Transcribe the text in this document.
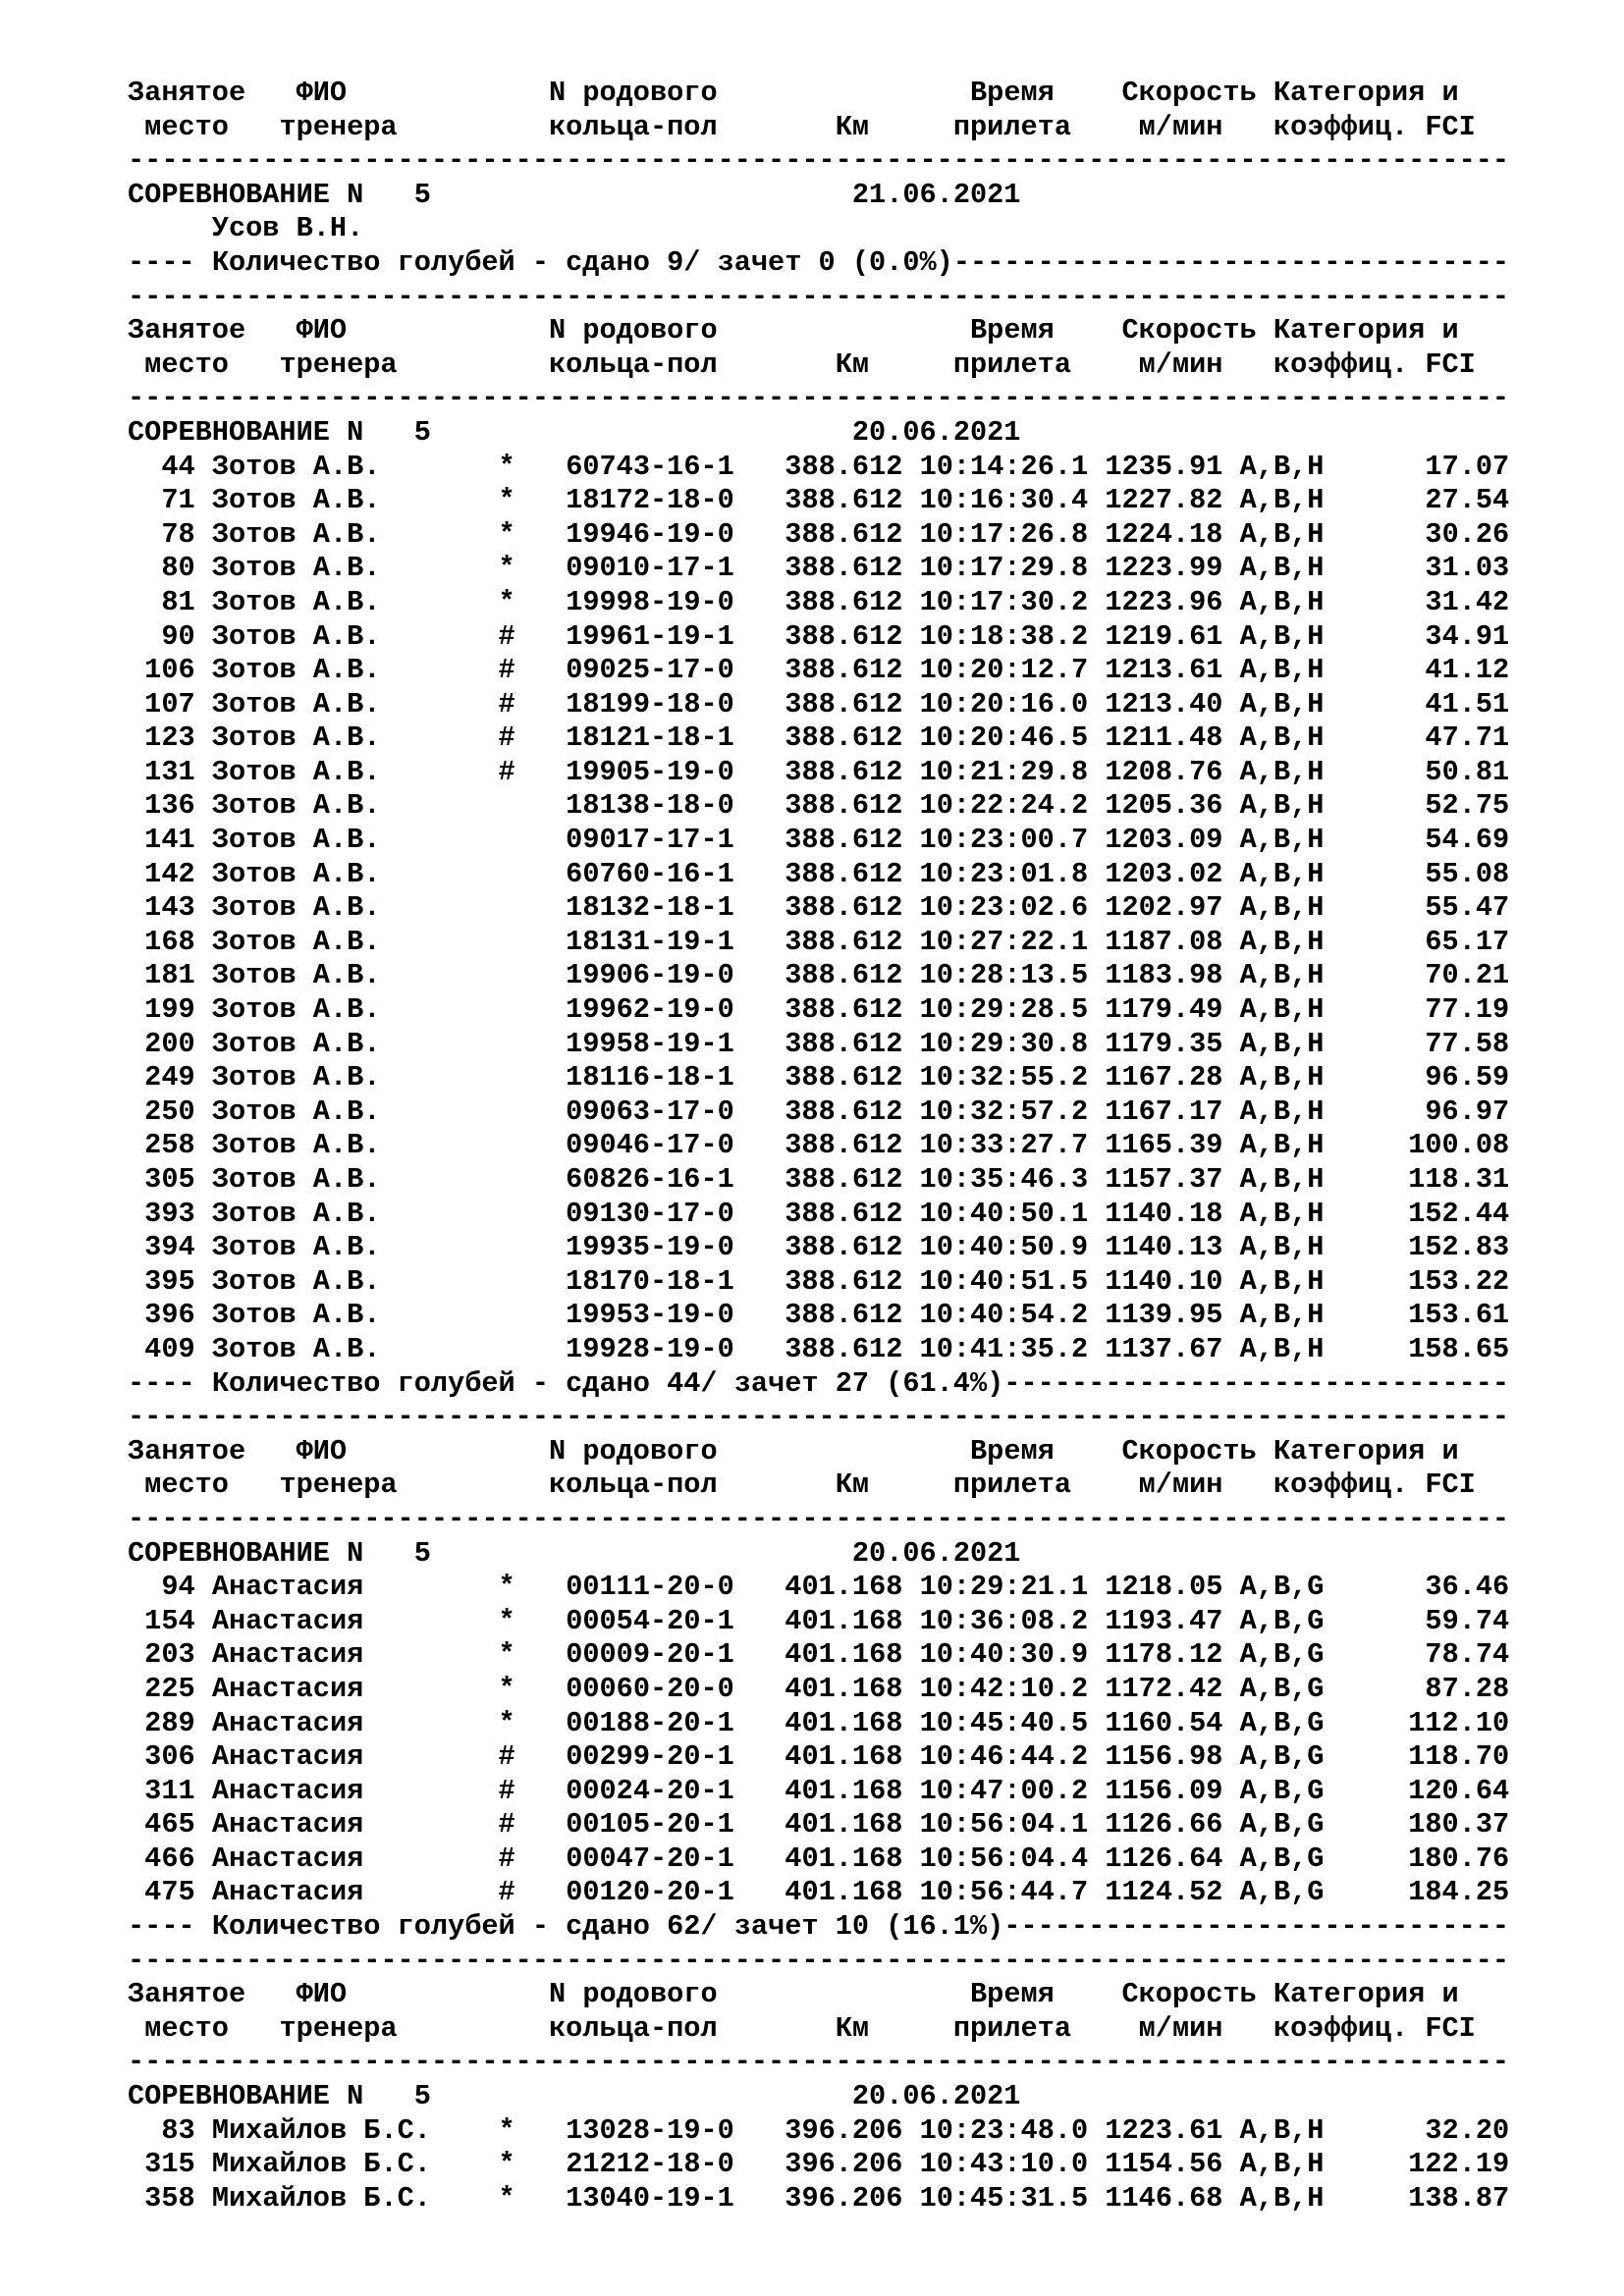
Занятое ФИО	N родового	Время Скорость Категория и
место тренера	кольца-пол	Км	прилета м/мин коэффиц. FCI
----------------------------------------------------------------------------------
СОРЕВНОВАНИЕ N 5	21.06.2021
Усов В.Н.
---- Количество голубей - сдано 9/ зачет 0 (0.0%)---------------------------------
----------------------------------------------------------------------------------
Занятое ФИО	N родового	Время Скорость Категория и
место тренера	кольца-пол	Км	прилета м/мин коэффиц. FCI
----------------------------------------------------------------------------------
СОРЕВНОВАНИЕ N 5	20.06.2021
44 Зотов А.В.	* 60743-16-1 388.612 10:14:26.1 1235.91 А,В,Н	17.07
71 Зотов А.В.	* 18172-18-0 388.612 10:16:30.4 1227.82 А,В,Н	27.54
78 Зотов А.В.	* 19946-19-0 388.612 10:17:26.8 1224.18 А,В,Н	30.26
80 Зотов А.В.	* 09010-17-1 388.612 10:17:29.8 1223.99 А,В,Н	31.03
81 Зотов А.В.	* 19998-19-0 388.612 10:17:30.2 1223.96 А,В,Н	31.42
90 Зотов А.В.	# 19961-19-1 388.612 10:18:38.2 1219.61 А,В,Н	34.91
106 Зотов А.В.	# 09025-17-0 388.612 10:20:12.7 1213.61 А,В,Н	41.12
107 Зотов А.В.	# 18199-18-0 388.612 10:20:16.0 1213.40 А,В,Н	41.51
123 Зотов А.В.	# 18121-18-1 388.612 10:20:46.5 1211.48 А,В,Н	47.71
131 Зотов А.В.	# 19905-19-0 388.612 10:21:29.8 1208.76 А,В,Н	50.81
136 Зотов А.В.	18138-18-0 388.612 10:22:24.2 1205.36 А,В,Н	52.75
141 Зотов А.В.	09017-17-1 388.612 10:23:00.7 1203.09 А,В,Н	54.69
142 Зотов А.В.	60760-16-1 388.612 10:23:01.8 1203.02 А,В,Н	55.08
143 Зотов А.В.	18132-18-1 388.612 10:23:02.6 1202.97 А,В,Н	55.47
168 Зотов А.В.	18131-19-1 388.612 10:27:22.1 1187.08 А,В,Н	65.17
181 Зотов А.В.	19906-19-0 388.612 10:28:13.5 1183.98 А,В,Н	70.21
199 Зотов А.В.	19962-19-0 388.612 10:29:28.5 1179.49 А,В,Н	77.19
200 Зотов А.В.	19958-19-1 388.612 10:29:30.8 1179.35 А,В,Н	77.58
249 Зотов А.В.	18116-18-1 388.612 10:32:55.2 1167.28 А,В,Н	96.59
250 Зотов А.В.	09063-17-0 388.612 10:32:57.2 1167.17 А,В,Н	96.97
258 Зотов А.В.	09046-17-0 388.612 10:33:27.7 1165.39 А,В,Н	100.08
305 Зотов А.В.	60826-16-1 388.612 10:35:46.3 1157.37 А,В,Н	118.31
393 Зотов А.В.	09130-17-0 388.612 10:40:50.1 1140.18 А,В,Н	152.44
394 Зотов А.В.	19935-19-0 388.612 10:40:50.9 1140.13 А,В,Н	152.83
395 Зотов А.В.	18170-18-1 388.612 10:40:51.5 1140.10 А,В,Н	153.22
396 Зотов А.В.	19953-19-0 388.612 10:40:54.2 1139.95 А,В,Н	153.61
409 Зотов А.В.	19928-19-0 388.612 10:41:35.2 1137.67 А,В,Н	158.65
---- Количество голубей - сдано 44/ зачет 27 (61.4%)------------------------------
----------------------------------------------------------------------------------
Занятое ФИО	N родового	Время Скорость Категория и
место тренера	кольца-пол	Км	прилета м/мин коэффиц. FCI
----------------------------------------------------------------------------------
СОРЕВНОВАНИЕ N 5	20.06.2021
94 Анастасия	* 00111-20-0 401.168 10:29:21.1 1218.05 А,В,G	36.46
154 Анастасия	* 00054-20-1 401.168 10:36:08.2 1193.47 А,В,G	59.74
203 Анастасия	* 00009-20-1 401.168 10:40:30.9 1178.12 А,В,G	78.74
225 Анастасия	* 00060-20-0 401.168 10:42:10.2 1172.42 А,В,G	87.28
289 Анастасия	* 00188-20-1 401.168 10:45:40.5 1160.54 А,В,G	112.10
306 Анастасия	# 00299-20-1 401.168 10:46:44.2 1156.98 А,В,G	118.70
311 Анастасия	# 00024-20-1 401.168 10:47:00.2 1156.09 А,В,G	120.64
465 Анастасия	# 00105-20-1 401.168 10:56:04.1 1126.66 А,В,G	180.37
466 Анастасия	# 00047-20-1 401.168 10:56:04.4 1126.64 А,В,G	180.76
475 Анастасия	# 00120-20-1 401.168 10:56:44.7 1124.52 А,В,G	184.25
---- Количество голубей - сдано 62/ зачет 10 (16.1%)------------------------------
----------------------------------------------------------------------------------
Занятое ФИО	N родового	Время Скорость Категория и
место тренера	кольца-пол	Км	прилета м/мин коэффиц. FCI
----------------------------------------------------------------------------------
СОРЕВНОВАНИЕ N 5	20.06.2021
83 Михайлов Б.С. * 13028-19-0 396.206 10:23:48.0 1223.61 А,В,Н	32.20
315 Михайлов Б.С. * 21212-18-0 396.206 10:43:10.0 1154.56 А,В,Н	122.19
358 Михайлов Б.С. * 13040-19-1 396.206 10:45:31.5 1146.68 А,В,Н	138.87
